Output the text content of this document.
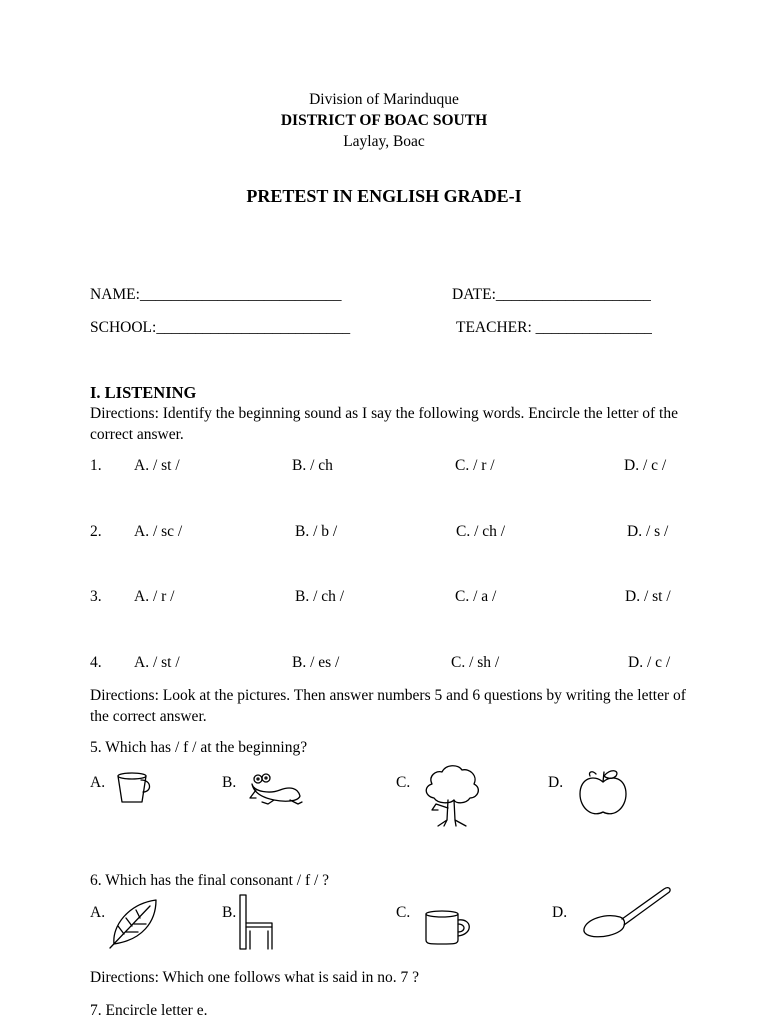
Division of Marinduque
DISTRICT OF BOAC SOUTH
Laylay, Boac
PRETEST IN ENGLISH GRADE-I
NAME:__________________________	DATE:____________________
SCHOOL:_________________________	TEACHER: _______________
I. LISTENING
Directions: Identify the beginning sound as I say the following words. Encircle the letter of the correct answer.
1. A. / st /	B. / ch	C. / r /	D. / c /
2. A. / sc /	B. / b /	C. / ch /	D. / s /
3. A. / r /	B. / ch /	C. / a /	D. / st /
4. A. / st /	B. / es /	C. / sh /	D. / c /
Directions: Look at the pictures. Then answer numbers 5 and 6 questions by writing the letter of the correct answer.
5. Which has / f / at the beginning?
A.	B.	C.	D.
6. Which has the final consonant / f / ?
A.	B.	C.	D.
Directions: Which one follows what is said in no. 7 ?
7. Encircle letter e.
